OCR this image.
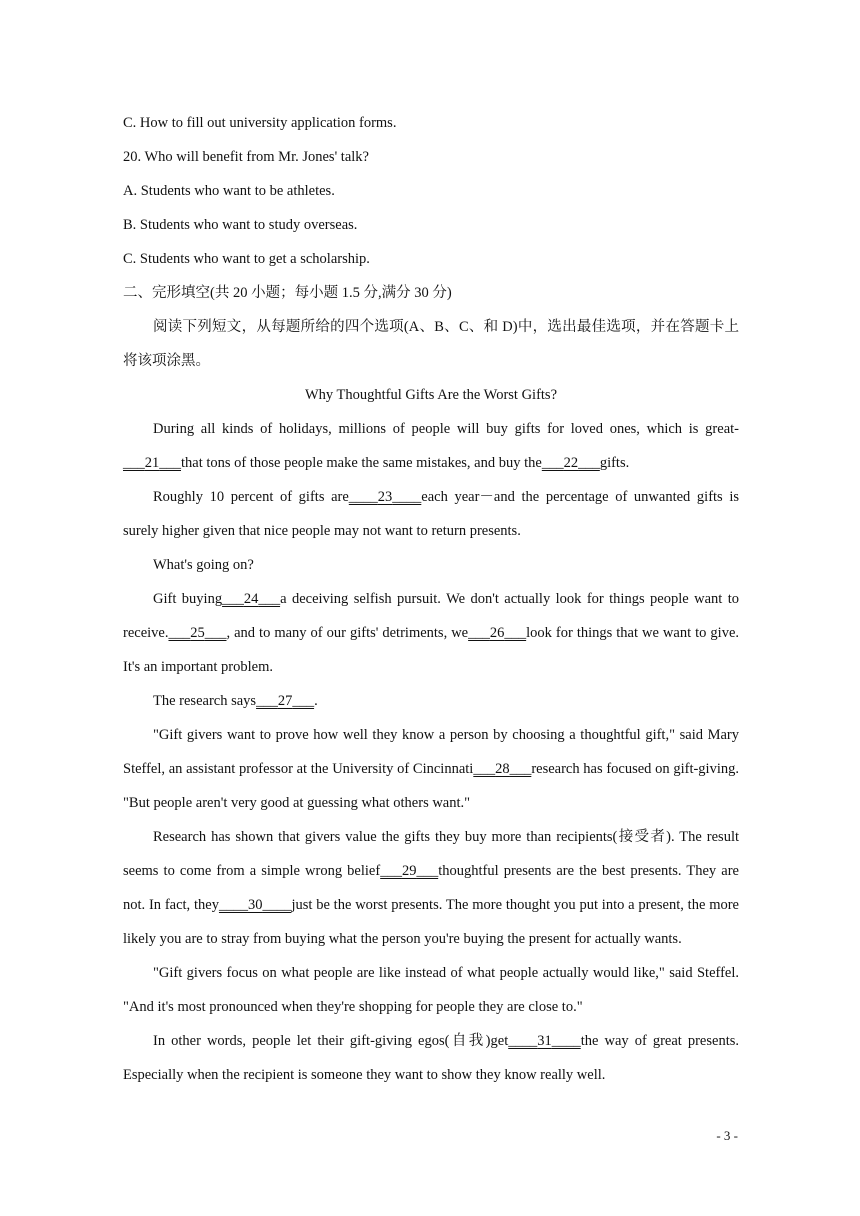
C. How to fill out university application forms.
20. Who will benefit from Mr. Jones' talk?
A. Students who want to be athletes.
B. Students who want to study overseas.
C. Students who want to get a scholarship.
二、完形填空(共 20 小题；每小题 1.5 分,满分 30 分)
阅读下列短文，从每题所给的四个选项(A、B、C、和 D)中，选出最佳选项，并在答题卡上将该项涂黑。
Why Thoughtful Gifts Are the Worst Gifts?
During all kinds of holidays, millions of people will buy gifts for loved ones, which is great-___21___that tons of those people make the same mistakes, and buy the___22___gifts.
Roughly 10 percent of gifts are____23____each year－and the percentage of unwanted gifts is surely higher given that nice people may not want to return presents.
What's going on?
Gift buying___24___a deceiving selfish pursuit. We don't actually look for things people want to receive.___25___, and to many of our gifts' detriments, we___26___look for things that we want to give. It's an important problem.
The research says___27___.
"Gift givers want to prove how well they know a person by choosing a thoughtful gift," said Mary Steffel, an assistant professor at the University of Cincinnati___28___research has focused on gift-giving. "But people aren't very good at guessing what others want."
Research has shown that givers value the gifts they buy more than recipients(接受者). The result seems to come from a simple wrong belief___29___thoughtful presents are the best presents. They are not. In fact, they____30____just be the worst presents. The more thought you put into a present, the more likely you are to stray from buying what the person you're buying the present for actually wants.
"Gift givers focus on what people are like instead of what people actually would like," said Steffel. "And it's most pronounced when they're shopping for people they are close to."
In other words, people let their gift-giving egos(自我)get____31____the way of great presents. Especially when the recipient is someone they want to show they know really well.
- 3 -
